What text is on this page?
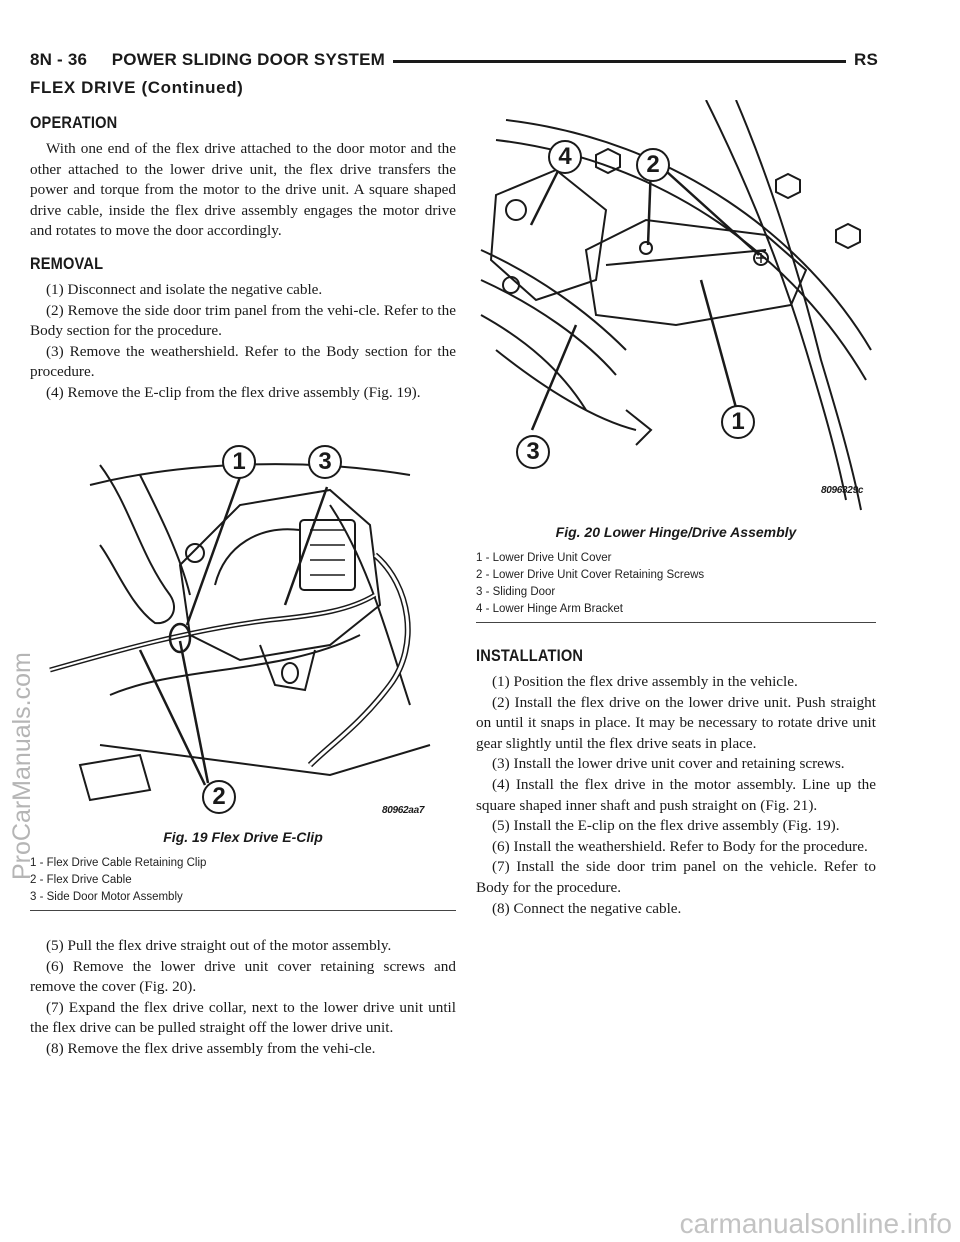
8N - 36     POWER SLIDING DOOR SYSTEM	RS
FLEX DRIVE (Continued)
OPERATION

With one end of the flex drive attached to the door motor and the other attached to the lower drive unit, the flex drive transfers the power and torque from the motor to the drive unit. A square shaped drive cable, inside the flex drive assembly engages the motor drive and rotates to move the door accordingly.

REMOVAL

(1) Disconnect and isolate the negative cable.

(2) Remove the side door trim panel from the vehi-cle. Refer to the Body section for the procedure.

(3) Remove the weathershield. Refer to the Body section for the procedure.

(4) Remove the E-clip from the flex drive assembly (Fig. 19).

1	3
2
80962aa7
Fig. 19 Flex Drive E-Clip
1 - Flex Drive Cable Retaining Clip
2 - Flex Drive Cable
3 - Side Door Motor Assembly

(5) Pull the flex drive straight out of the motor assembly.

(6) Remove the lower drive unit cover retaining screws and remove the cover (Fig. 20).

(7) Expand the flex drive collar, next to the lower drive unit until the flex drive can be pulled straight off the lower drive unit.

(8) Remove the flex drive assembly from the vehi-cle.

4	2
1
3
8096329c
Fig. 20 Lower Hinge/Drive Assembly
1 - Lower Drive Unit Cover
2 - Lower Drive Unit Cover Retaining Screws
3 - Sliding Door
4 - Lower Hinge Arm Bracket
INSTALLATION

(1) Position the flex drive assembly in the vehicle.

(2) Install the flex drive on the lower drive unit. Push straight on until it snaps in place. It may be necessary to rotate drive unit gear slightly until the flex drive seats in place.

(3) Install the lower drive unit cover and retaining screws.

(4) Install the flex drive in the motor assembly. Line up the square shaped inner shaft and push straight on (Fig. 21).

(5) Install the E-clip on the flex drive assembly (Fig. 19).

(6) Install the weathershield. Refer to Body for the procedure.

(7) Install the side door trim panel on the vehicle. Refer to Body for the procedure.

(8) Connect the negative cable.

ProCarManuals.com
carmanualsonline.info
